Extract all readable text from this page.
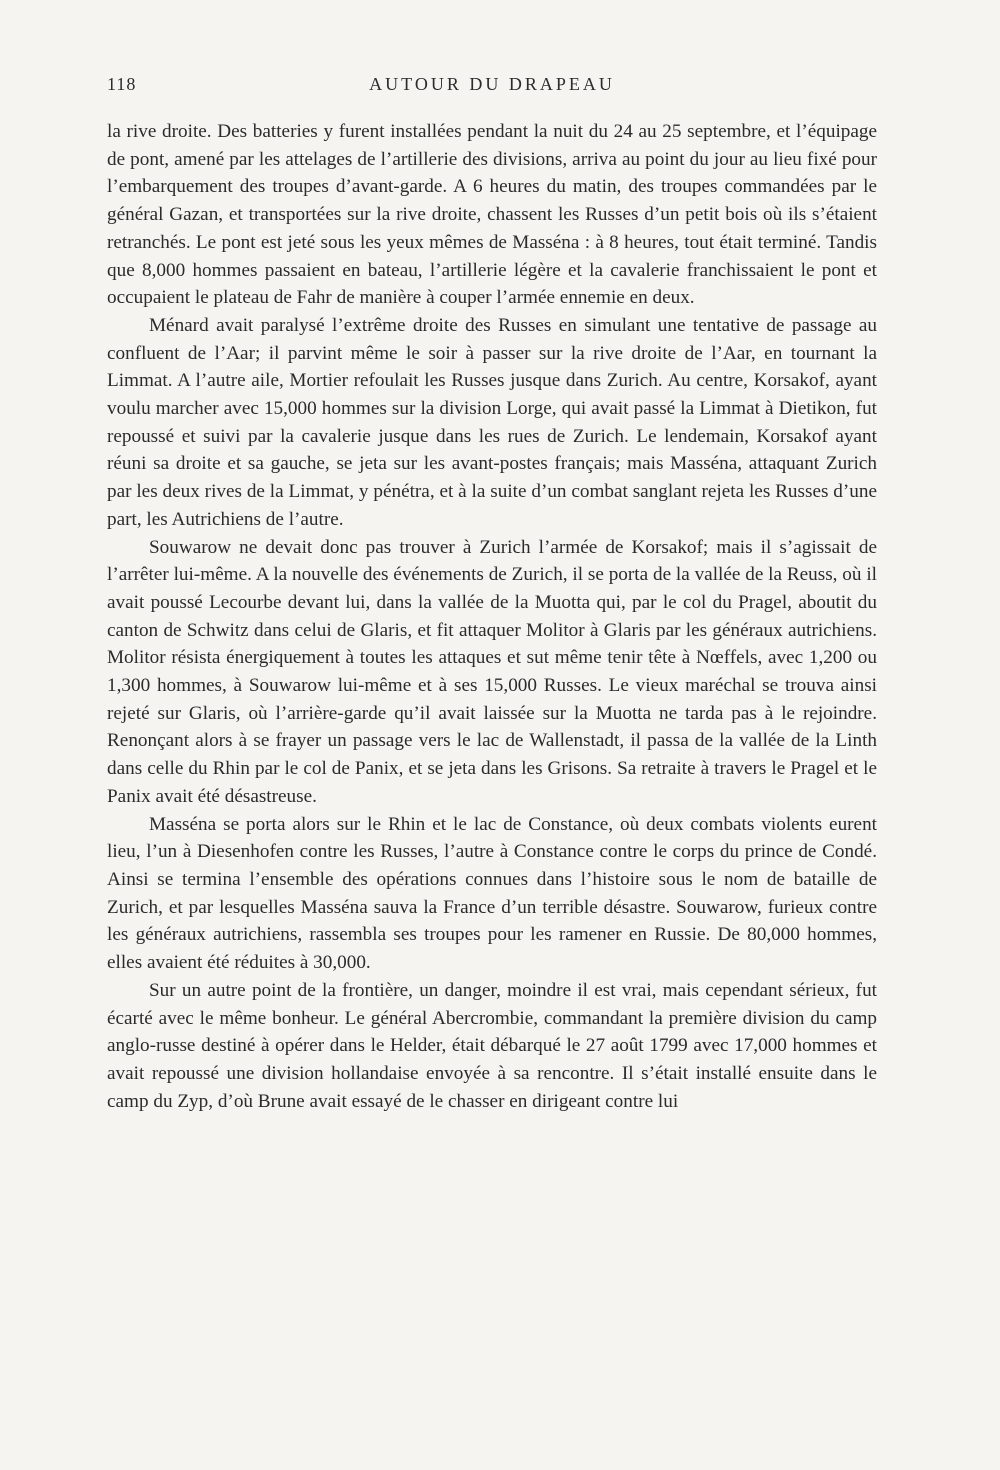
118	AUTOUR DU DRAPEAU

la rive droite. Des batteries y furent installées pendant la nuit du 24 au 25 septembre, et l’équipage de pont, amené par les attelages de l’artillerie des divisions, arriva au point du jour au lieu fixé pour l’embarquement des troupes d’avant-garde. A 6 heures du matin, des troupes commandées par le général Gazan, et transportées sur la rive droite, chassent les Russes d’un petit bois où ils s’étaient retranchés. Le pont est jeté sous les yeux mêmes de Masséna : à 8 heures, tout était terminé. Tandis que 8,000 hommes passaient en bateau, l’artillerie légère et la cavalerie franchissaient le pont et occupaient le plateau de Fahr de manière à couper l’armée ennemie en deux.

Ménard avait paralysé l’extrême droite des Russes en simulant une tentative de passage au confluent de l’Aar; il parvint même le soir à passer sur la rive droite de l’Aar, en tournant la Limmat. A l’autre aile, Mortier refoulait les Russes jusque dans Zurich. Au centre, Korsakof, ayant voulu marcher avec 15,000 hommes sur la division Lorge, qui avait passé la Limmat à Dietikon, fut repoussé et suivi par la cavalerie jusque dans les rues de Zurich. Le lendemain, Korsakof ayant réuni sa droite et sa gauche, se jeta sur les avant-postes français; mais Masséna, attaquant Zurich par les deux rives de la Limmat, y pénétra, et à la suite d’un combat sanglant rejeta les Russes d’une part, les Autrichiens de l’autre.

Souwarow ne devait donc pas trouver à Zurich l’armée de Korsakof; mais il s’agissait de l’arrêter lui-même. A la nouvelle des événements de Zurich, il se porta de la vallée de la Reuss, où il avait poussé Lecourbe devant lui, dans la vallée de la Muotta qui, par le col du Pragel, aboutit du canton de Schwitz dans celui de Glaris, et fit attaquer Molitor à Glaris par les généraux autrichiens. Molitor résista énergiquement à toutes les attaques et sut même tenir tête à Nœffels, avec 1,200 ou 1,300 hommes, à Souwarow lui-même et à ses 15,000 Russes. Le vieux maréchal se trouva ainsi rejeté sur Glaris, où l’arrière-garde qu’il avait laissée sur la Muotta ne tarda pas à le rejoindre. Renonçant alors à se frayer un passage vers le lac de Wallenstadt, il passa de la vallée de la Linth dans celle du Rhin par le col de Panix, et se jeta dans les Grisons. Sa retraite à travers le Pragel et le Panix avait été désastreuse.

Masséna se porta alors sur le Rhin et le lac de Constance, où deux combats violents eurent lieu, l’un à Diesenhofen contre les Russes, l’autre à Constance contre le corps du prince de Condé. Ainsi se termina l’ensemble des opérations connues dans l’histoire sous le nom de bataille de Zurich, et par lesquelles Masséna sauva la France d’un terrible désastre. Souwarow, furieux contre les généraux autrichiens, rassembla ses troupes pour les ramener en Russie. De 80,000 hommes, elles avaient été réduites à 30,000.

Sur un autre point de la frontière, un danger, moindre il est vrai, mais cependant sérieux, fut écarté avec le même bonheur. Le général Abercrombie, commandant la première division du camp anglo-russe destiné à opérer dans le Helder, était débarqué le 27 août 1799 avec 17,000 hommes et avait repoussé une division hollandaise envoyée à sa rencontre. Il s’était installé ensuite dans le camp du Zyp, d’où Brune avait essayé de le chasser en dirigeant contre lui
